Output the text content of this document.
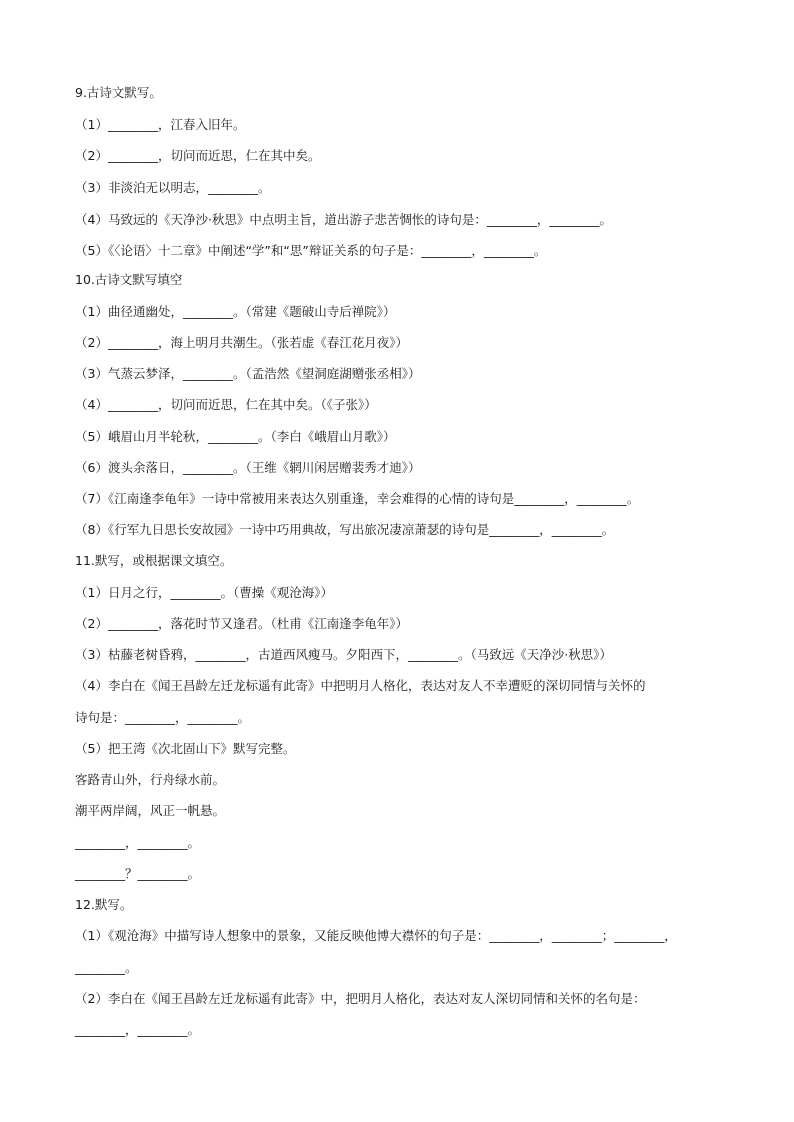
9.古诗文默写。
（1）________，江春入旧年。
（2）________，切问而近思，仁在其中矣。
（3）非淡泊无以明志，________。
（4）马致远的《天净沙·秋思》中点明主旨，道出游子悲苦惆怅的诗句是：________，________。
（5）《〈论语〉十二章》中阐述“学”和“思”辩证关系的句子是：________，________。
10.古诗文默写填空
（1）曲径通幽处，________。（常建《题破山寺后禅院》）
（2）________，海上明月共潮生。（张若虚《春江花月夜》）
（3）气蒸云梦泽，________。（孟浩然《望洞庭湖赠张丞相》）
（4）________，切问而近思，仁在其中矣。（《子张》）
（5）峨眉山月半轮秋，________。（李白《峨眉山月歌》）
（6）渡头余落日，________。（王维《辋川闲居赠裴秀才迪》）
（7）《江南逢李龟年》一诗中常被用来表达久别重逢，幸会难得的心情的诗句是________，________。
（8）《行军九日思长安故园》一诗中巧用典故，写出旅况凄凉萧瑟的诗句是________，________。
11.默写，或根据课文填空。
（1）日月之行，________。（曹操《观沧海》）
（2）________，落花时节又逢君。（杜甫《江南逢李龟年》）
（3）枯藤老树昏鸦，________，古道西风瘦马。夕阳西下，________。（马致远《天净沙·秋思》）
（4）李白在《闻王昌龄左迁龙标遥有此寄》中把明月人格化，表达对友人不幸遭贬的深切同情与关怀的
诗句是：________，________。
（5）把王湾《次北固山下》默写完整。
客路青山外，行舟绿水前。
潮平两岸阔，风正一帆悬。
________，________。
________？________。
12.默写。
（1）《观沧海》中描写诗人想象中的景象，又能反映他博大襟怀的句子是：________，________；________，
________。
（2）李白在《闻王昌龄左迁龙标遥有此寄》中，把明月人格化，表达对友人深切同情和关怀的名句是：
________，________。
